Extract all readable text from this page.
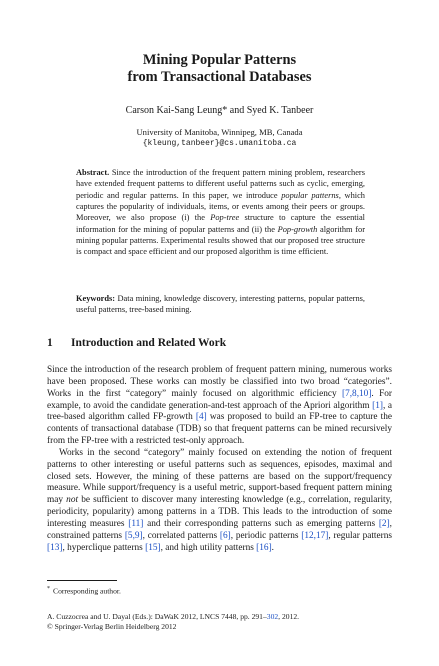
Mining Popular Patterns
from Transactional Databases
Carson Kai-Sang Leung* and Syed K. Tanbeer
University of Manitoba, Winnipeg, MB, Canada
{kleung,tanbeer}@cs.umanitoba.ca
Abstract. Since the introduction of the frequent pattern mining problem, researchers have extended frequent patterns to different useful patterns such as cyclic, emerging, periodic and regular patterns. In this paper, we introduce popular patterns, which captures the popularity of individuals, items, or events among their peers or groups. Moreover, we also propose (i) the Pop-tree structure to capture the essential information for the mining of popular patterns and (ii) the Pop-growth algorithm for mining popular patterns. Experimental results showed that our proposed tree structure is compact and space efficient and our proposed algorithm is time efficient.
Keywords: Data mining, knowledge discovery, interesting patterns, popular patterns, useful patterns, tree-based mining.
1 Introduction and Related Work

Since the introduction of the research problem of frequent pattern mining, numerous works have been proposed. These works can mostly be classified into two broad “categories”. Works in the first “category” mainly focused on algorithmic efficiency [7,8,10]. For example, to avoid the candidate generation-and-test approach of the Apriori algorithm [1], a tree-based algorithm called FP-growth [4] was proposed to build an FP-tree to capture the contents of transactional database (TDB) so that frequent patterns can be mined recursively from the FP-tree with a restricted test-only approach.

Works in the second “category” mainly focused on extending the notion of frequent patterns to other interesting or useful patterns such as sequences, episodes, maximal and closed sets. However, the mining of these patterns are based on the support/frequency measure. While support/frequency is a useful metric, support-based frequent pattern mining may not be sufficient to discover many interesting knowledge (e.g., correlation, regularity, periodicity, popularity) among patterns in a TDB. This leads to the introduction of some interesting measures [11] and their corresponding patterns such as emerging patterns [2], constrained patterns [5,9], correlated patterns [6], periodic patterns [12,17], regular patterns [13], hyperclique patterns [15], and high utility patterns [16].

* Corresponding author.
A. Cuzzocrea and U. Dayal (Eds.): DaWaK 2012, LNCS 7448, pp. 291–302, 2012.
© Springer-Verlag Berlin Heidelberg 2012
